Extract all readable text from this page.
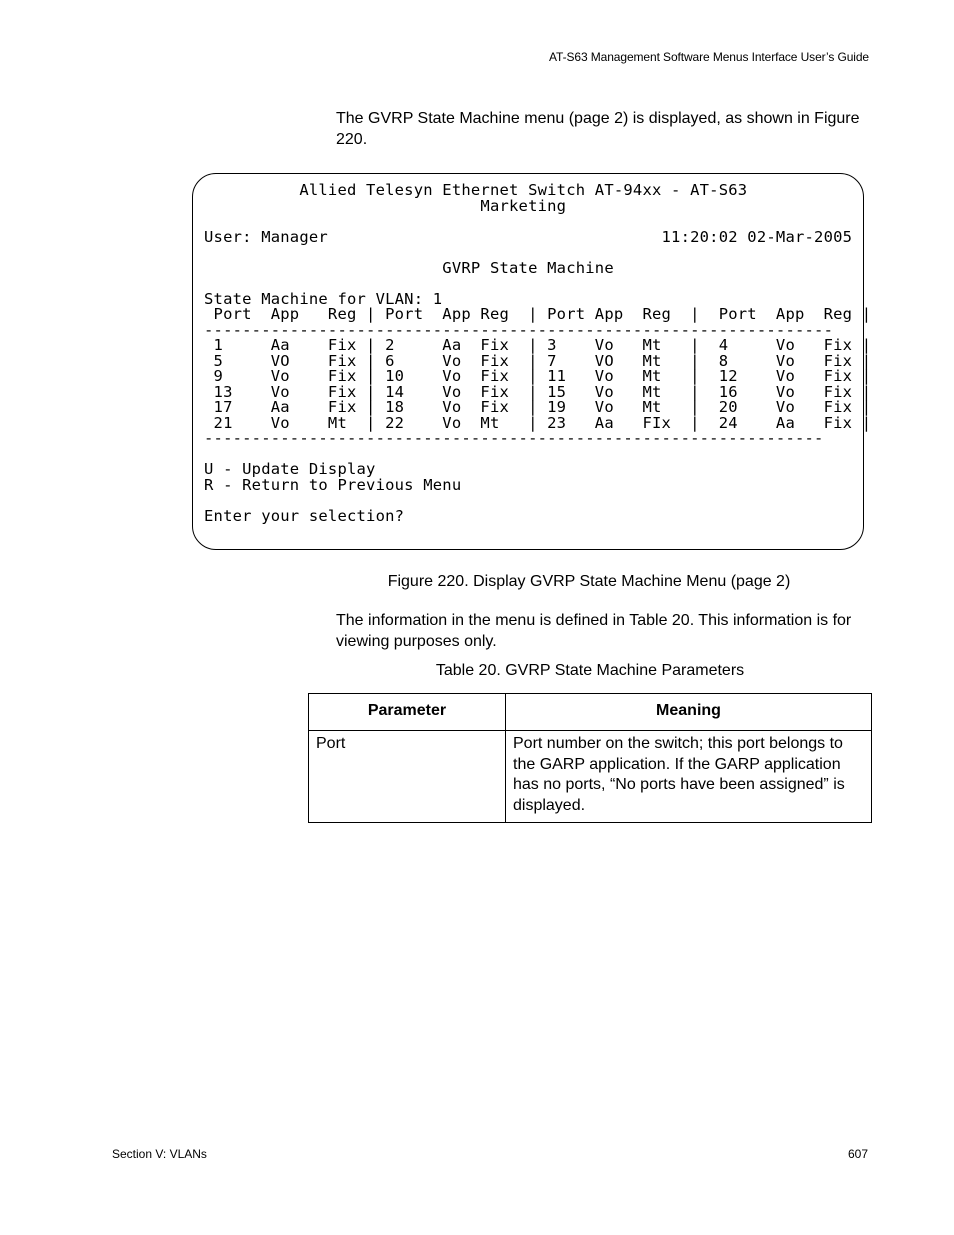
AT-S63 Management Software Menus Interface User’s Guide

The GVRP State Machine menu (page 2) is displayed, as shown in Figure 220.

Allied Telesyn Ethernet Switch AT-94xx - AT-S63
Marketing

User: Manager                                   11:20:02 02-Mar-2005

GVRP State Machine

State Machine for VLAN: 1
Port  App   Reg | Port  App Reg  | Port App  Reg  |  Port  App  Reg |
------------------------------------------------------------------
1     Aa    Fix | 2     Aa  Fix  | 3    Vo   Mt   |  4     Vo   Fix |
5     VO    Fix | 6     Vo  Fix  | 7    VO   Mt   |  8     Vo   Fix |
9     Vo    Fix | 10    Vo  Fix  | 11   Vo   Mt   |  12    Vo   Fix |
13    Vo    Fix | 14    Vo  Fix  | 15   Vo   Mt   |  16    Vo   Fix |
17    Aa    Fix | 18    Vo  Fix  | 19   Vo   Mt   |  20    Vo   Fix |
21    Vo    Mt  | 22    Vo  Mt   | 23   Aa   FIx  |  24    Aa   Fix |
-----------------------------------------------------------------

U - Update Display
R - Return to Previous Menu

Enter your selection?

Figure 220. Display GVRP State Machine Menu (page 2)

The information in the menu is defined in Table 20. This information is for viewing purposes only.

Table 20. GVRP State Machine Parameters

Parameter	Meaning
Port	Port number on the switch; this port belongs to the GARP application. If the GARP application has no ports, “No ports have been assigned” is displayed.
Section V: VLANs	607
